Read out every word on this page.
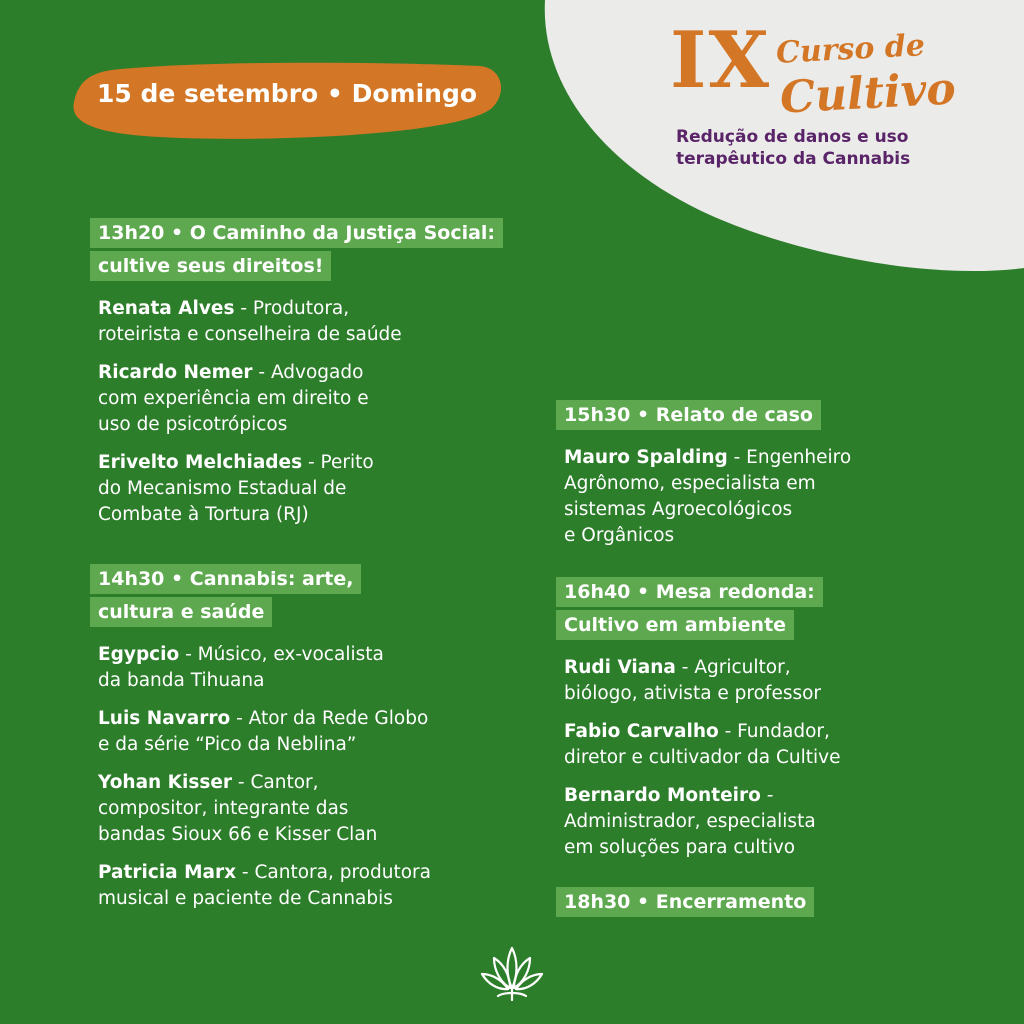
15 de setembro • Domingo	IX Curso de
Cultivo
Redução de danos e uso
terapêutico da Cannabis
13h20 • O Caminho da Justiça Social:
cultive seus direitos!
Renata Alves - Produtora,
roteirista e conselheira de saúde
Ricardo Nemer - Advogado
com experiência em direito e
uso de psicotrópicos
Erivelto Melchiades - Perito
do Mecanismo Estadual de
Combate à Tortura (RJ)
14h30 • Cannabis: arte,
cultura e saúde
Egypcio - Músico, ex-vocalista
da banda Tihuana
Luis Navarro - Ator da Rede Globo
e da série “Pico da Neblina”
Yohan Kisser - Cantor,
compositor, integrante das
bandas Sioux 66 e Kisser Clan
Patricia Marx - Cantora, produtora
musical e paciente de Cannabis
15h30 • Relato de caso
Mauro Spalding - Engenheiro
Agrônomo, especialista em
sistemas Agroecológicos
e Orgânicos
16h40 • Mesa redonda:
Cultivo em ambiente
Rudi Viana - Agricultor,
biólogo, ativista e professor
Fabio Carvalho - Fundador,
diretor e cultivador da Cultive
Bernardo Monteiro -
Administrador, especialista
em soluções para cultivo
18h30 • Encerramento
